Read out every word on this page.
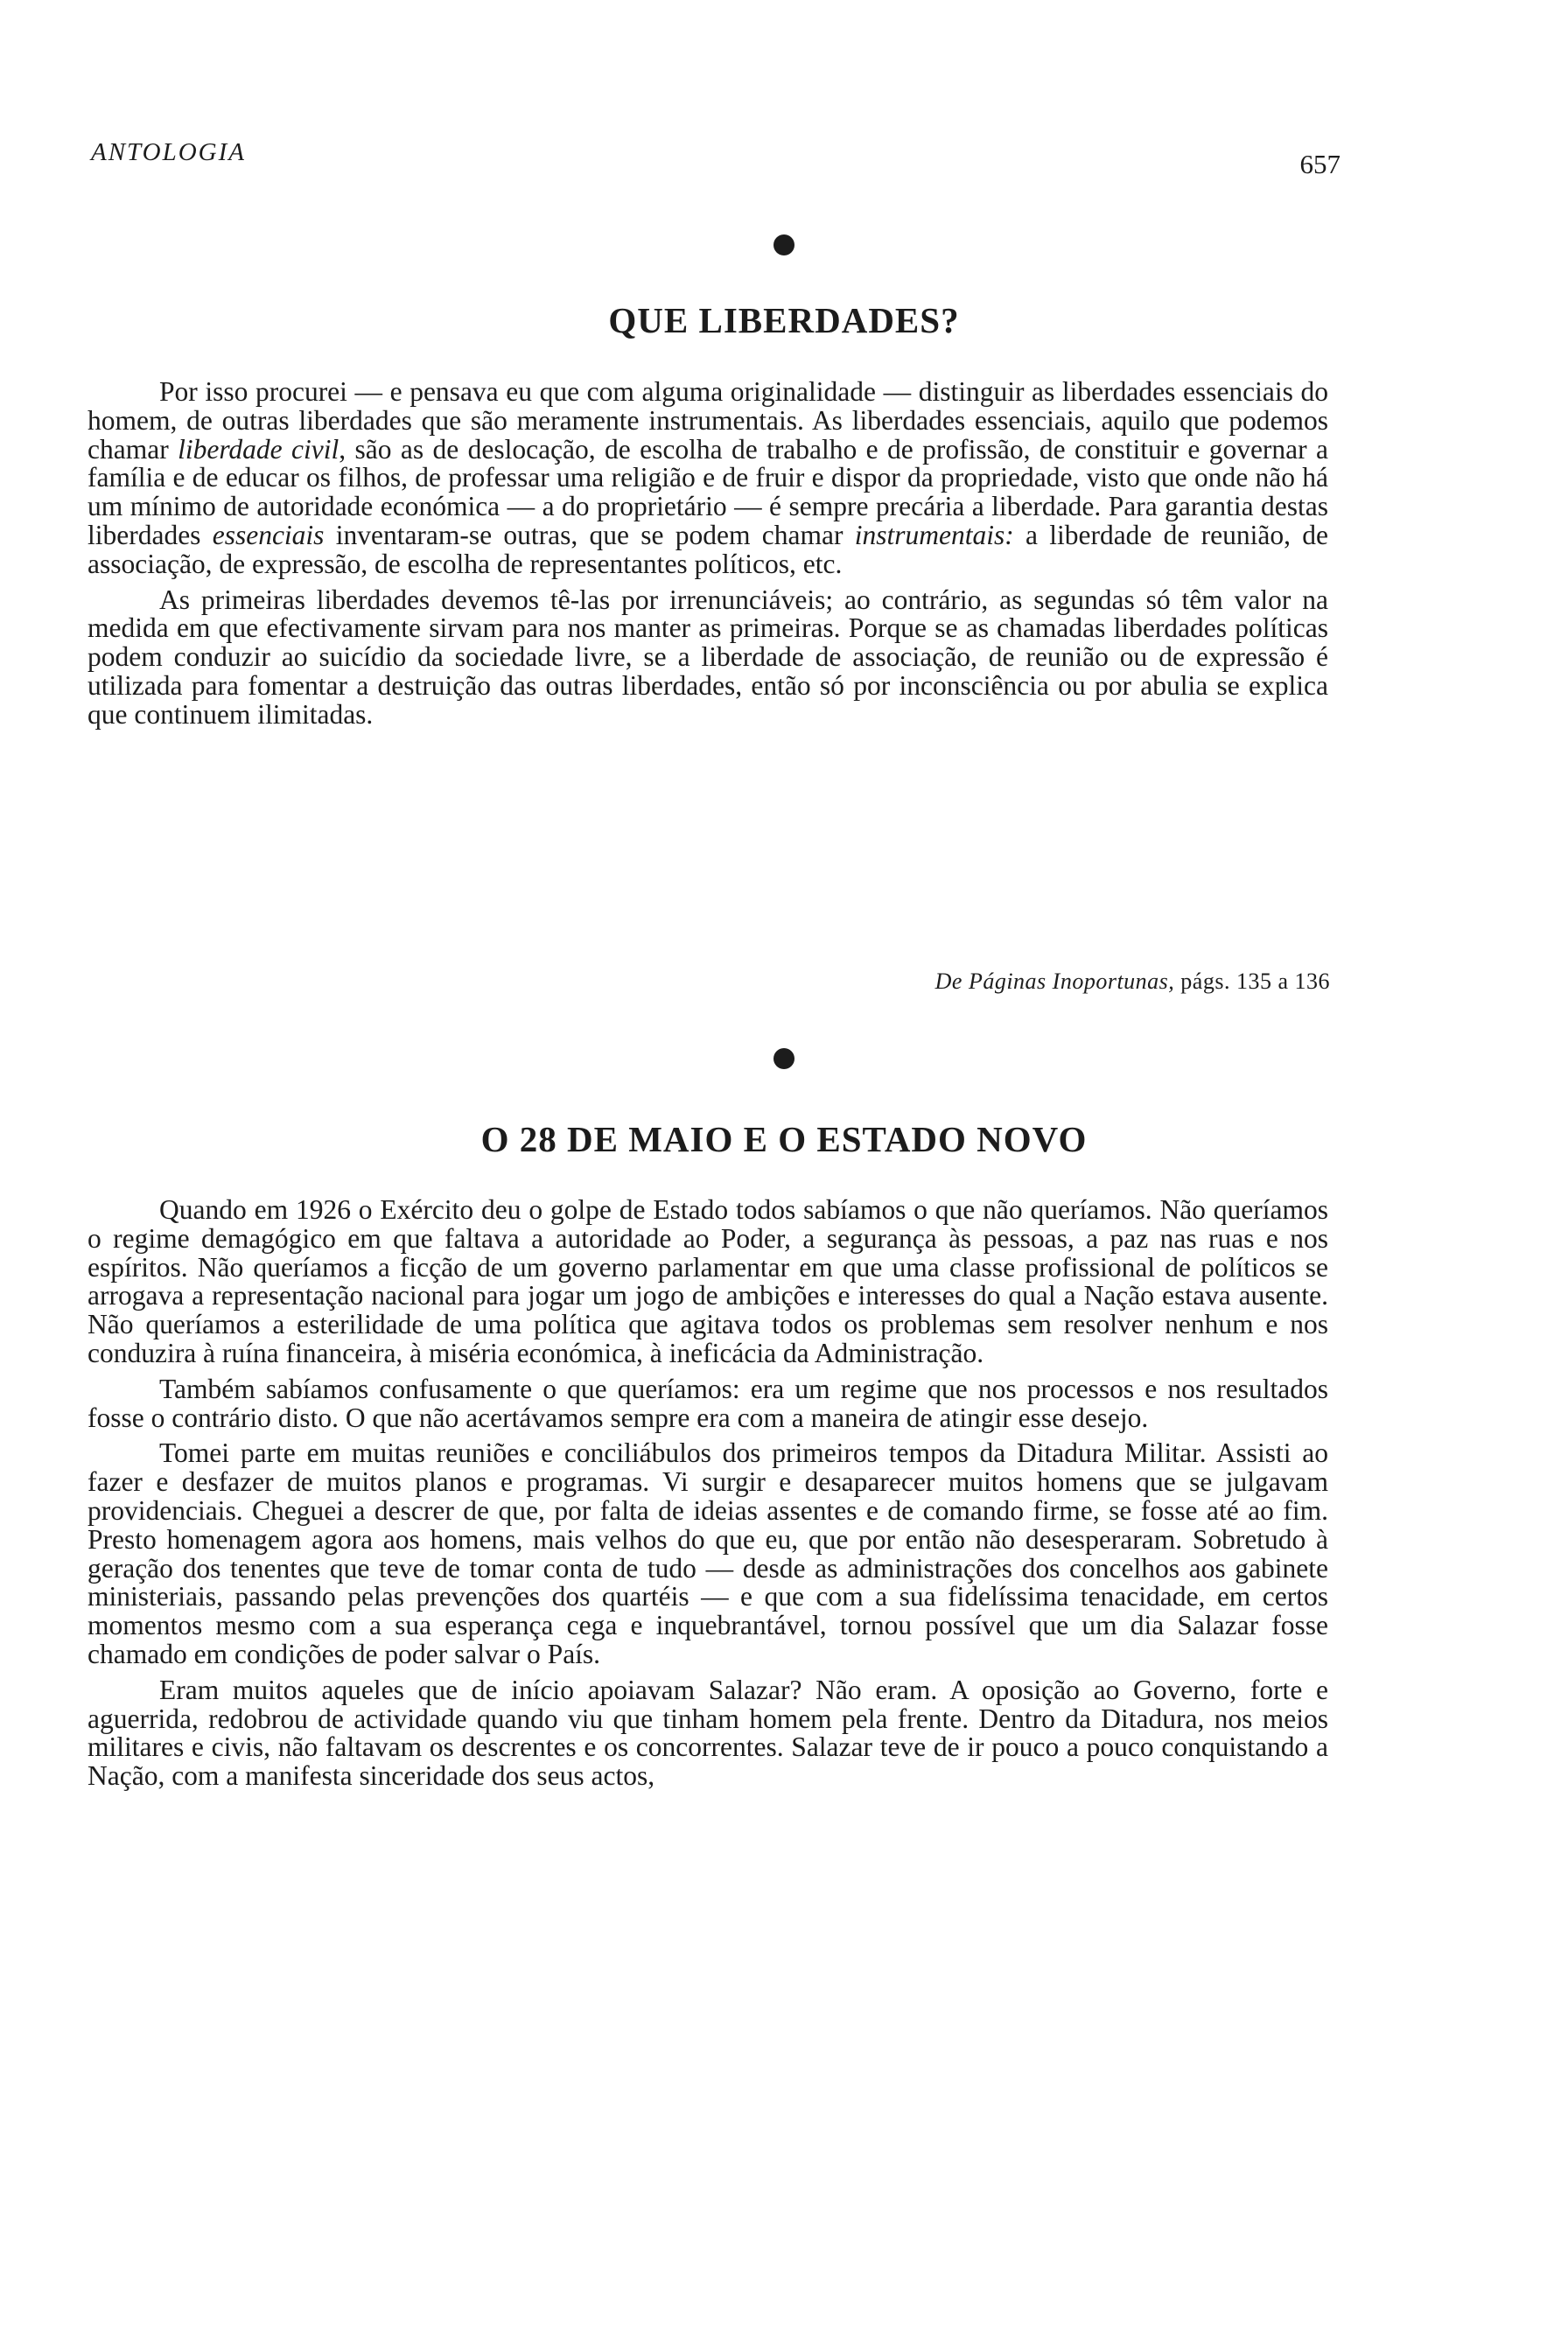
ANTOLOGIA	657
QUE LIBERDADES?

Por isso procurei — e pensava eu que com alguma originalidade — distinguir as liberdades essenciais do homem, de outras liberdades que são meramente instrumentais. As liberdades essenciais, aquilo que podemos chamar liberdade civil, são as de deslocação, de escolha de trabalho e de profissão, de constituir e governar a família e de educar os filhos, de professar uma religião e de fruir e dispor da propriedade, visto que onde não há um mínimo de autoridade económica — a do proprietário — é sempre precária a liberdade. Para garantia destas liberdades essenciais inventaram-se outras, que se podem chamar instrumentais: a liberdade de reunião, de associação, de expressão, de escolha de representantes políticos, etc.

As primeiras liberdades devemos tê-las por irrenunciáveis; ao contrário, as segundas só têm valor na medida em que efectivamente sirvam para nos manter as primeiras. Porque se as chamadas liberdades políticas podem conduzir ao suicídio da sociedade livre, se a liberdade de associação, de reunião ou de expressão é utilizada para fomentar a destruição das outras liberdades, então só por inconsciência ou por abulia se explica que continuem ilimitadas.

De Páginas Inoportunas, págs. 135 a 136
O 28 DE MAIO E O ESTADO NOVO

Quando em 1926 o Exército deu o golpe de Estado todos sabíamos o que não queríamos. Não queríamos o regime demagógico em que faltava a autoridade ao Poder, a segurança às pessoas, a paz nas ruas e nos espíritos. Não queríamos a ficção de um governo parlamentar em que uma classe profissional de políticos se arrogava a representação nacional para jogar um jogo de ambições e interesses do qual a Nação estava ausente. Não queríamos a esterilidade de uma política que agitava todos os problemas sem resolver nenhum e nos conduzira à ruína financeira, à miséria económica, à ineficácia da Administração.

Também sabíamos confusamente o que queríamos: era um regime que nos processos e nos resultados fosse o contrário disto. O que não acertávamos sempre era com a maneira de atingir esse desejo.

Tomei parte em muitas reuniões e conciliábulos dos primeiros tempos da Ditadura Militar. Assisti ao fazer e desfazer de muitos planos e programas. Vi surgir e desaparecer muitos homens que se julgavam providenciais. Cheguei a descrer de que, por falta de ideias assentes e de comando firme, se fosse até ao fim. Presto homenagem agora aos homens, mais velhos do que eu, que por então não desesperaram. Sobretudo à geração dos tenentes que teve de tomar conta de tudo — desde as administrações dos concelhos aos gabinete ministeriais, passando pelas prevenções dos quartéis — e que com a sua fidelíssima tenacidade, em certos momentos mesmo com a sua esperança cega e inquebrantável, tornou possível que um dia Salazar fosse chamado em condições de poder salvar o País.

Eram muitos aqueles que de início apoiavam Salazar? Não eram. A oposição ao Governo, forte e aguerrida, redobrou de actividade quando viu que tinham homem pela frente. Dentro da Ditadura, nos meios militares e civis, não faltavam os descrentes e os concorrentes. Salazar teve de ir pouco a pouco conquistando a Nação, com a manifesta sinceridade dos seus actos,
